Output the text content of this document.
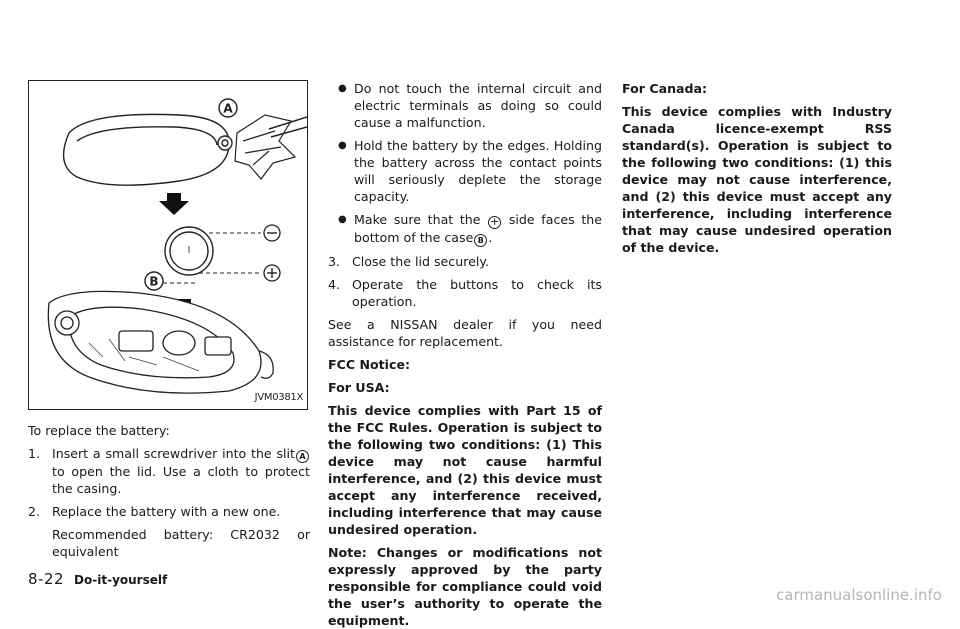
A
B
JVM0381X

To replace the battery:

1. Insert a small screwdriver into the slit A to open the lid. Use a cloth to protect the casing.
2. Replace the battery with a new one.

Recommended battery: CR2032 or equivalent

● Do not touch the internal circuit and electric terminals as doing so could cause a malfunction.
● Hold the battery by the edges. Holding the battery across the contact points will seriously deplete the storage capacity.
● Make sure that the + side faces the bottom of the case B .
3. Close the lid securely.
4. Operate the buttons to check its operation.

See a NISSAN dealer if you need assistance for replacement.

FCC Notice:

For USA:

This device complies with Part 15 of the FCC Rules. Operation is subject to the following two conditions: (1) This device may not cause harmful interference, and (2) this device must accept any interference received, including interference that may cause undesired operation.

Note: Changes or modifications not expressly approved by the party responsible for compliance could void the user’s authority to operate the equipment.

For Canada:

This device complies with Industry Canada licence-exempt RSS standard(s). Operation is subject to the following two conditions: (1) this device may not cause interference, and (2) this device must accept any interference, including interference that may cause undesired operation of the device.

8-22 Do-it-yourself
carmanualsonline.info
